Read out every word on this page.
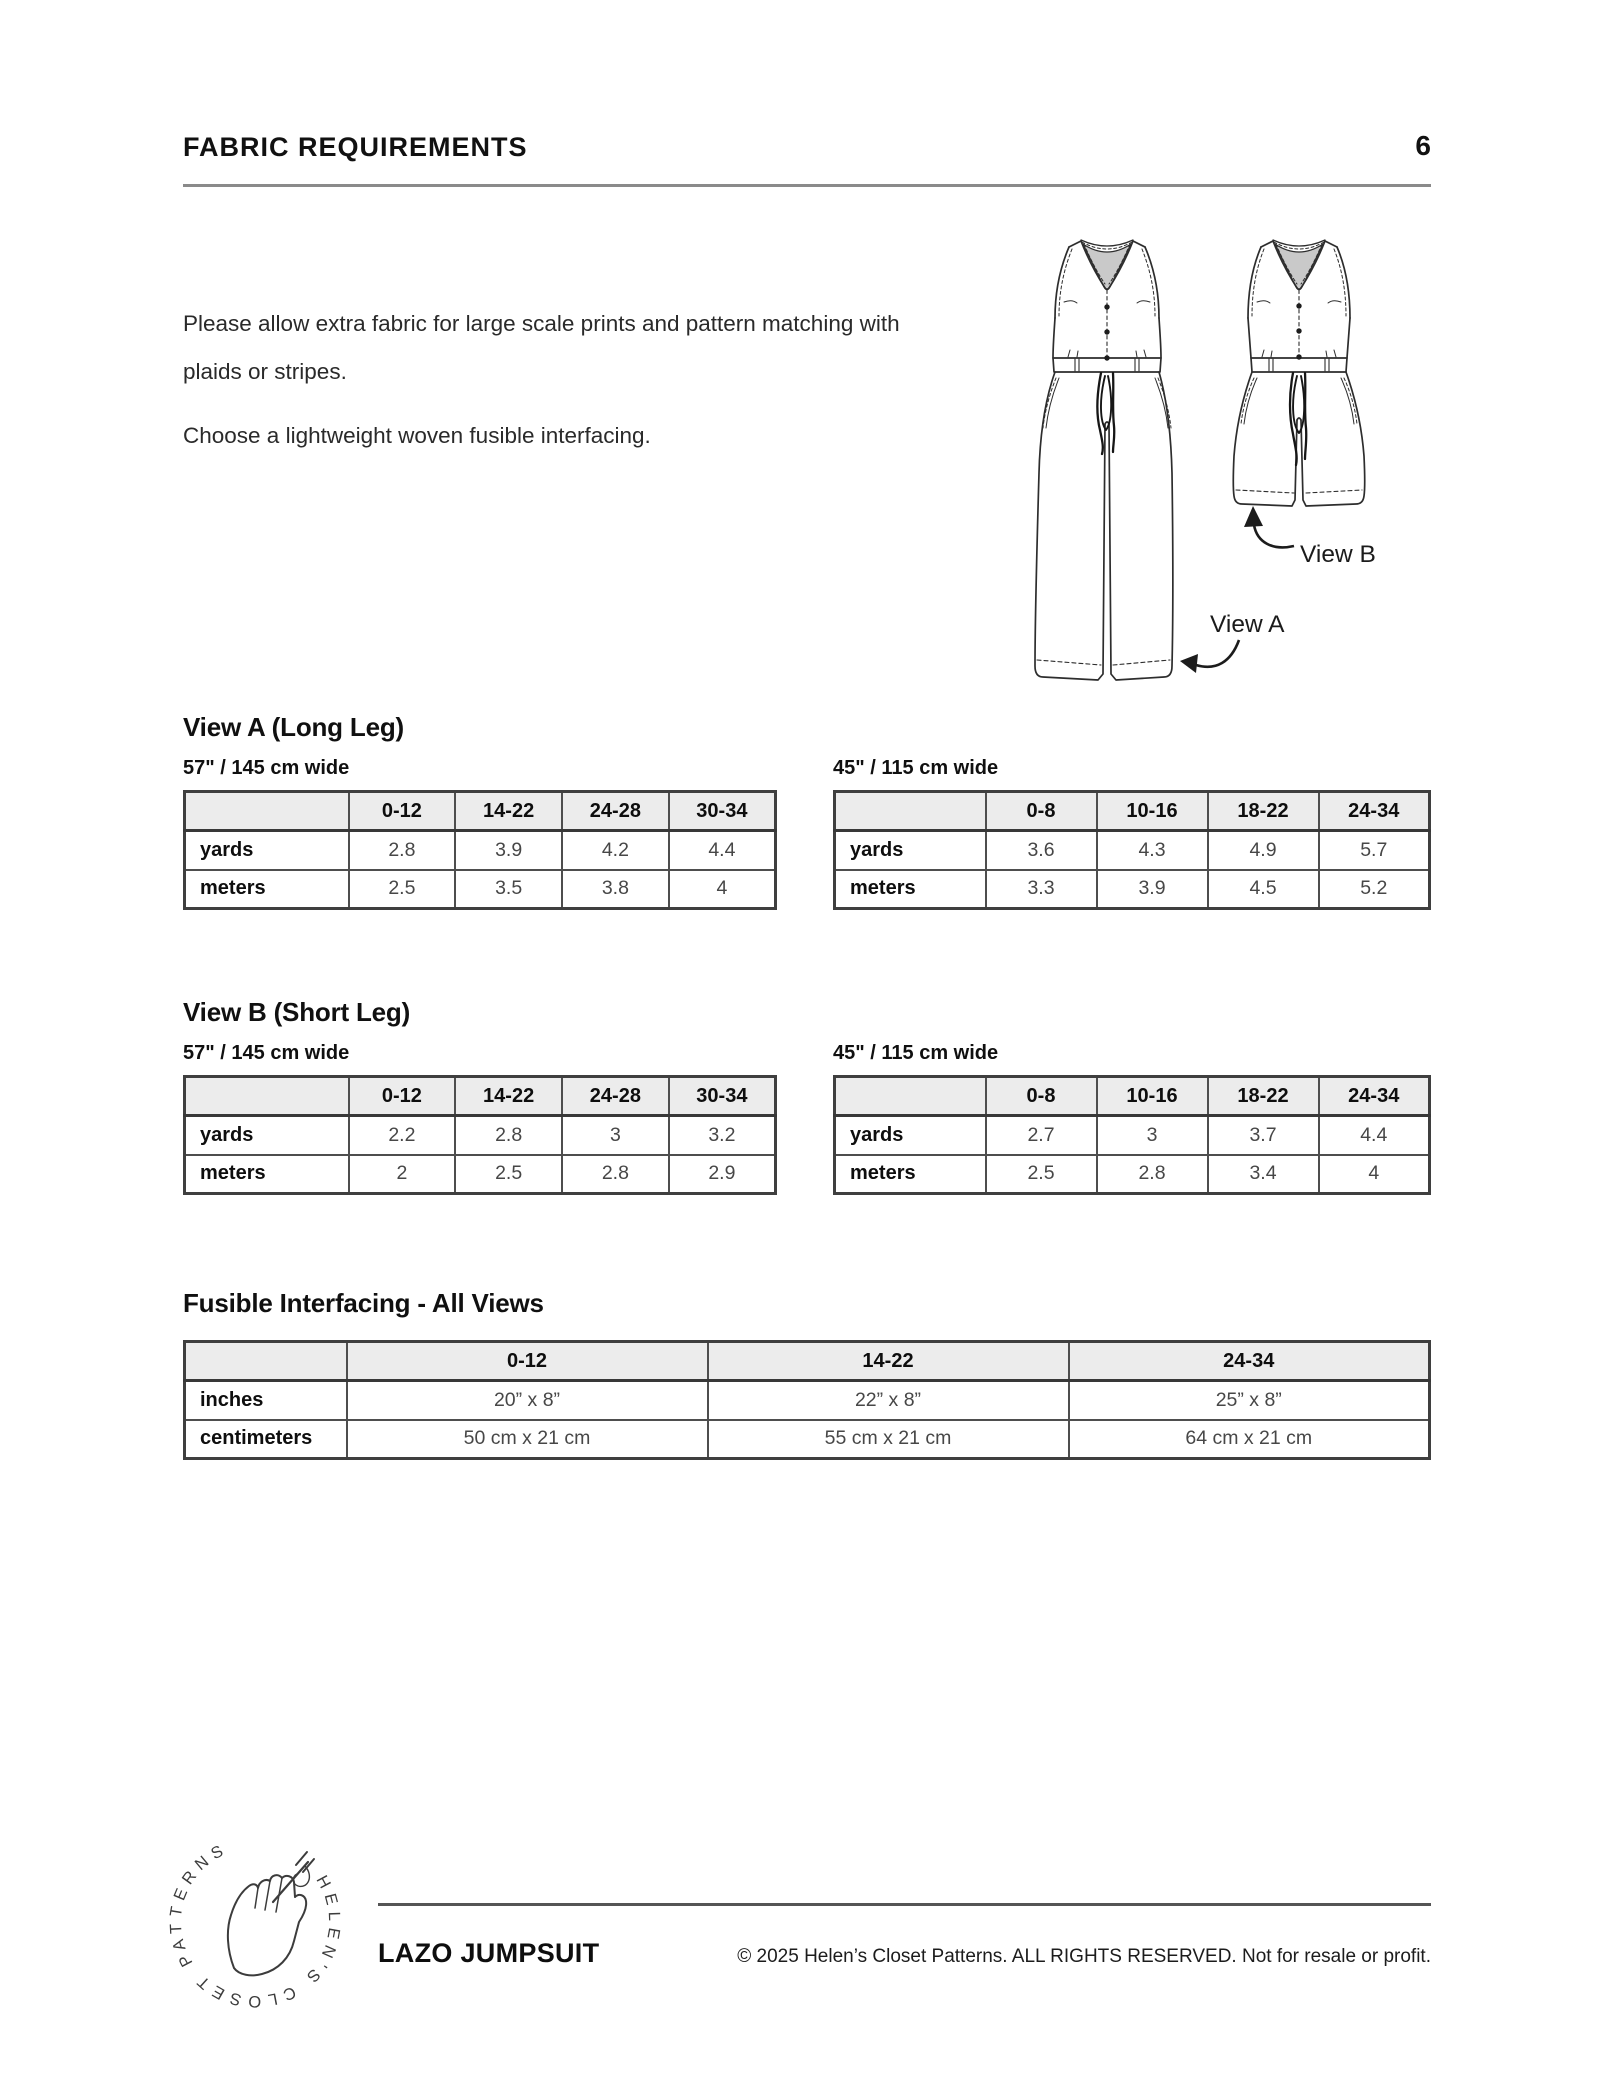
FABRIC REQUIREMENTS	6

Please allow extra fabric for large scale prints and pattern matching with plaids or stripes.

Choose a lightweight woven fusible interfacing.

View B
View A
View A (Long Leg)
57" / 145 cm wide
	0-12	14-22	24-28	30-34
yards	2.8	3.9	4.2	4.4
meters	2.5	3.5	3.8	4
45" / 115 cm wide
	0-8	10-16	18-22	24-34
yards	3.6	4.3	4.9	5.7
meters	3.3	3.9	4.5	5.2
View B (Short Leg)
57" / 145 cm wide
	0-12	14-22	24-28	30-34
yards	2.2	2.8	3	3.2
meters	2	2.5	2.8	2.9
45" / 115 cm wide
	0-8	10-16	18-22	24-34
yards	2.7	3	3.7	4.4
meters	2.5	2.8	3.4	4
Fusible Interfacing - All Views
	0-12	14-22	24-34
inches	20” x 8”	22” x 8”	25” x 8”
centimeters	50 cm x 21 cm	55 cm x 21 cm	64 cm x 21 cm
HELEN'S CLOSET PATTERNS
LAZO JUMPSUIT	© 2025 Helen’s Closet Patterns. ALL RIGHTS RESERVED. Not for resale or profit.
